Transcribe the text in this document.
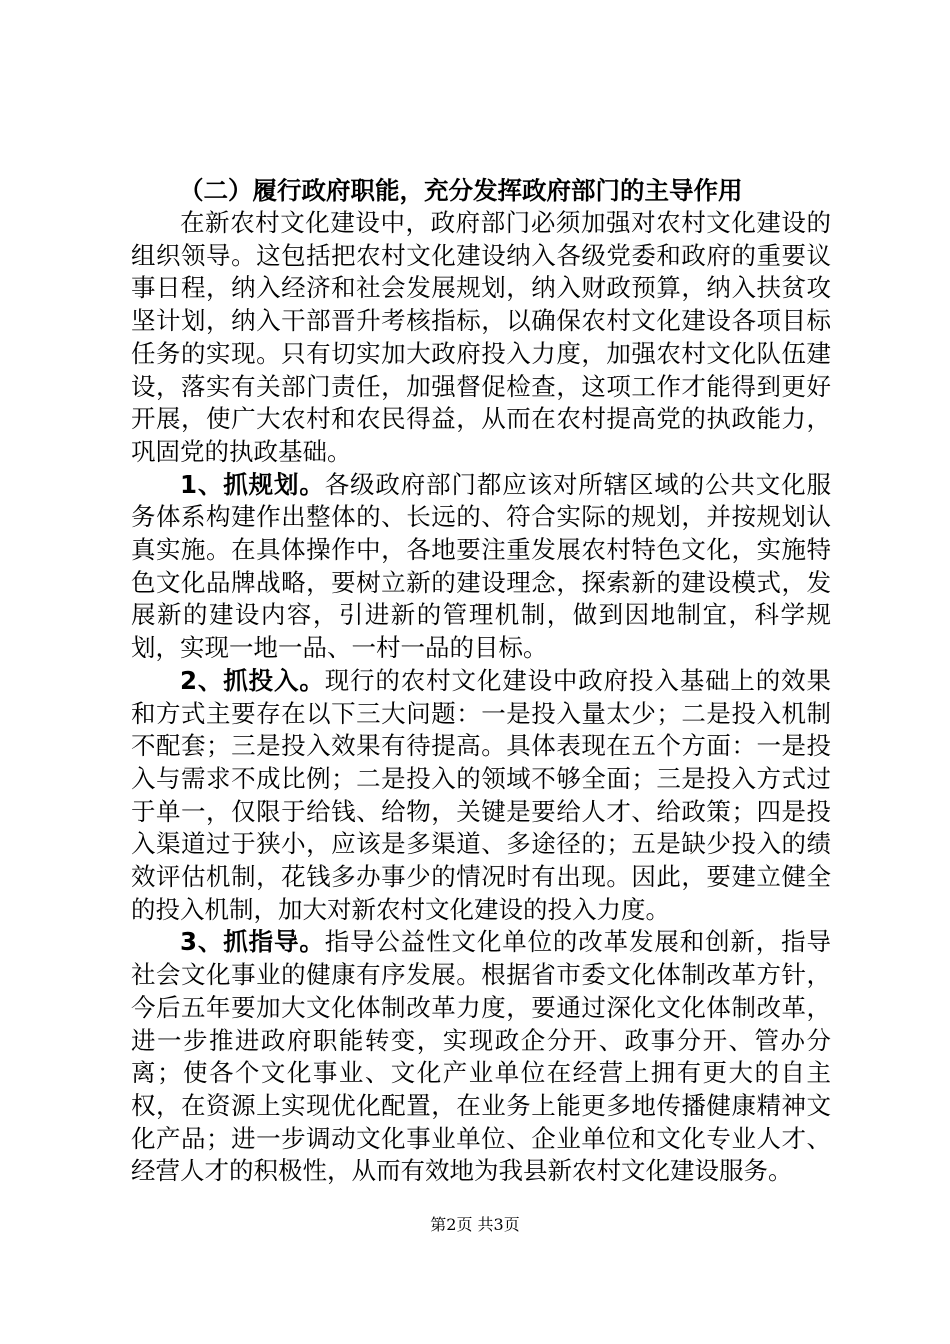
（二）履行政府职能，充分发挥政府部门的主导作用

在新农村文化建设中，政府部门必须加强对农村文化建设的组织领导。这包括把农村文化建设纳入各级党委和政府的重要议事日程，纳入经济和社会发展规划，纳入财政预算，纳入扶贫攻坚计划，纳入干部晋升考核指标，以确保农村文化建设各项目标任务的实现。只有切实加大政府投入力度，加强农村文化队伍建设，落实有关部门责任，加强督促检查，这项工作才能得到更好开展，使广大农村和农民得益，从而在农村提高党的执政能力，巩固党的执政基础。

1、抓规划。各级政府部门都应该对所辖区域的公共文化服务体系构建作出整体的、长远的、符合实际的规划，并按规划认真实施。在具体操作中，各地要注重发展农村特色文化，实施特色文化品牌战略，要树立新的建设理念，探索新的建设模式，发展新的建设内容，引进新的管理机制，做到因地制宜，科学规划，实现一地一品、一村一品的目标。

2、抓投入。现行的农村文化建设中政府投入基础上的效果和方式主要存在以下三大问题：一是投入量太少；二是投入机制不配套；三是投入效果有待提高。具体表现在五个方面：一是投入与需求不成比例；二是投入的领域不够全面；三是投入方式过于单一，仅限于给钱、给物，关键是要给人才、给政策；四是投入渠道过于狭小，应该是多渠道、多途径的；五是缺少投入的绩效评估机制，花钱多办事少的情况时有出现。因此，要建立健全的投入机制，加大对新农村文化建设的投入力度。

3、抓指导。指导公益性文化单位的改革发展和创新，指导社会文化事业的健康有序发展。根据省市委文化体制改革方针，今后五年要加大文化体制改革力度，要通过深化文化体制改革，进一步推进政府职能转变，实现政企分开、政事分开、管办分离；使各个文化事业、文化产业单位在经营上拥有更大的自主权，在资源上实现优化配置，在业务上能更多地传播健康精神文化产品；进一步调动文化事业单位、企业单位和文化专业人才、经营人才的积极性，从而有效地为我县新农村文化建设服务。

第2页 共3页
